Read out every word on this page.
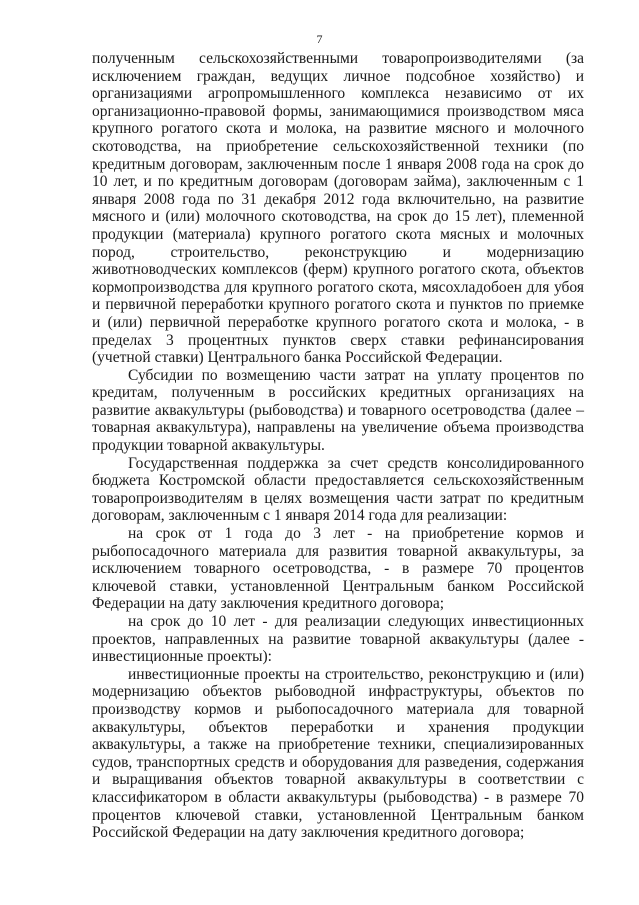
7

полученным сельскохозяйственными товаропроизводителями (за исключением граждан, ведущих личное подсобное хозяйство) и организациями агропромышленного комплекса независимо от их организационно-правовой формы, занимающимися производством мяса крупного рогатого скота и молока, на развитие мясного и молочного скотоводства, на приобретение сельскохозяйственной техники (по кредитным договорам, заключенным после 1 января 2008 года на срок до 10 лет, и по кредитным договорам (договорам займа), заключенным с 1 января 2008 года по 31 декабря 2012 года включительно, на развитие мясного и (или) молочного скотоводства, на срок до 15 лет), племенной продукции (материала) крупного рогатого скота мясных и молочных пород, строительство, реконструкцию и модернизацию животноводческих комплексов (ферм) крупного рогатого скота, объектов кормопроизводства для крупного рогатого скота, мясохладобоен для убоя и первичной переработки крупного рогатого скота и пунктов по приемке и (или) первичной переработке крупного рогатого скота и молока, - в пределах 3 процентных пунктов сверх ставки рефинансирования (учетной ставки) Центрального банка Российской Федерации.

Субсидии по возмещению части затрат на уплату процентов по кредитам, полученным в российских кредитных организациях на развитие аквакультуры (рыбоводства) и товарного осетроводства (далее – товарная аквакультура), направлены на увеличение объема производства продукции товарной аквакультуры.

Государственная поддержка за счет средств консолидированного бюджета Костромской области предоставляется сельскохозяйственным товаропроизводителям в целях возмещения части затрат по кредитным договорам, заключенным с 1 января 2014 года для реализации:

на срок от 1 года до 3 лет - на приобретение кормов и рыбопосадочного материала для развития товарной аквакультуры, за исключением товарного осетроводства, - в размере 70 процентов ключевой ставки, установленной Центральным банком Российской Федерации на дату заключения кредитного договора;

на срок до 10 лет - для реализации следующих инвестиционных проектов, направленных на развитие товарной аквакультуры (далее - инвестиционные проекты):

инвестиционные проекты на строительство, реконструкцию и (или) модернизацию объектов рыбоводной инфраструктуры, объектов по производству кормов и рыбопосадочного материала для товарной аквакультуры, объектов переработки и хранения продукции аквакультуры, а также на приобретение техники, специализированных судов, транспортных средств и оборудования для разведения, содержания и выращивания объектов товарной аквакультуры в соответствии с классификатором в области аквакультуры (рыбоводства) - в размере 70 процентов ключевой ставки, установленной Центральным банком Российской Федерации на дату заключения кредитного договора;
